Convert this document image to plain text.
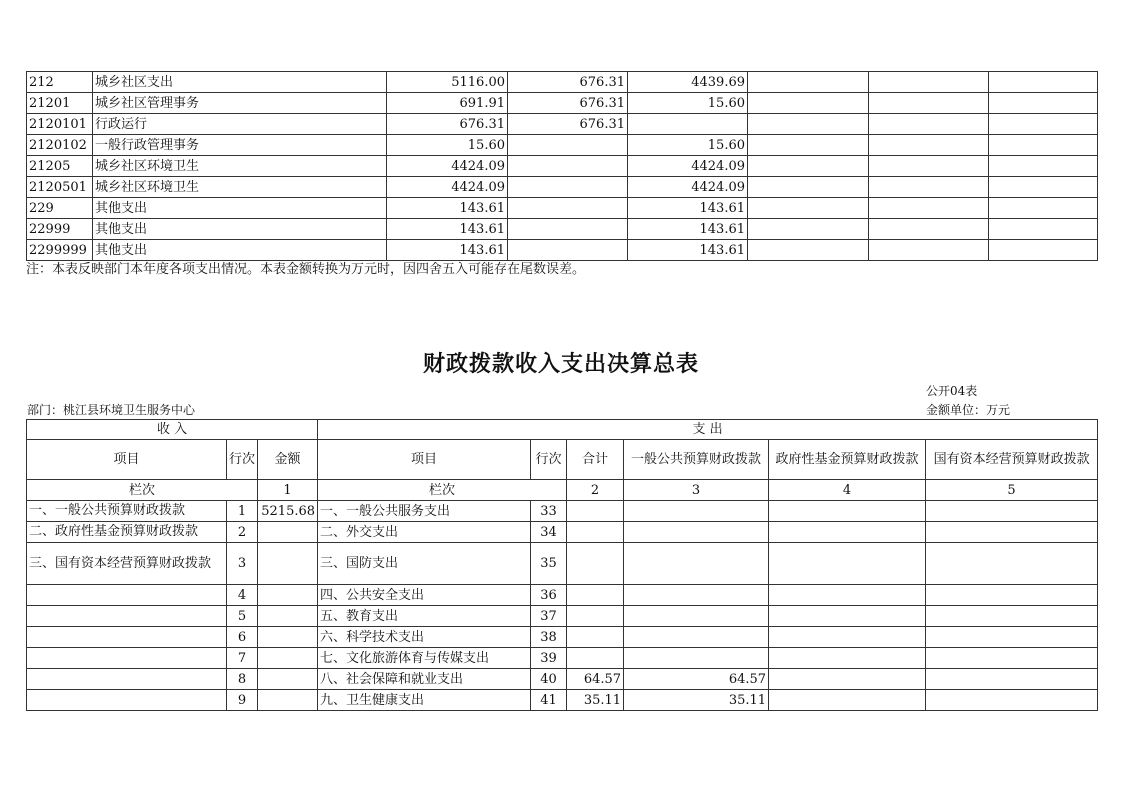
212	城乡社区支出	5116.00	676.31	4439.69			
21201	城乡社区管理事务	691.91	676.31	15.60			
2120101	行政运行	676.31	676.31				
2120102	一般行政管理事务	15.60		15.60			
21205	城乡社区环境卫生	4424.09		4424.09			
2120501	城乡社区环境卫生	4424.09		4424.09			
229	其他支出	143.61		143.61			
22999	其他支出	143.61		143.61			
2299999	其他支出	143.61		143.61			
注：本表反映部门本年度各项支出情况。本表金额转换为万元时，因四舍五入可能存在尾数误差。
财政拨款收入支出决算总表
公开04表
部门：桃江县环境卫生服务中心	金额单位：万元
收 入			支 出					
项目	行次	金额	项目	行次	合计	一般公共预算财政拨款	政府性基金预算财政拨款	国有资本经营预算财政拨款
栏次		1	栏次		2	3	4	5
一、一般公共预算财政拨款	1	5215.68	一、一般公共服务支出	33				
二、政府性基金预算财政拨款	2		二、外交支出	34				
三、国有资本经营预算财政拨款	3		三、国防支出	35				
	4		四、公共安全支出	36				
	5		五、教育支出	37				
	6		六、科学技术支出	38				
	7		七、文化旅游体育与传媒支出	39				
	8		八、社会保障和就业支出	40	64.57	64.57		
	9		九、卫生健康支出	41	35.11	35.11		
